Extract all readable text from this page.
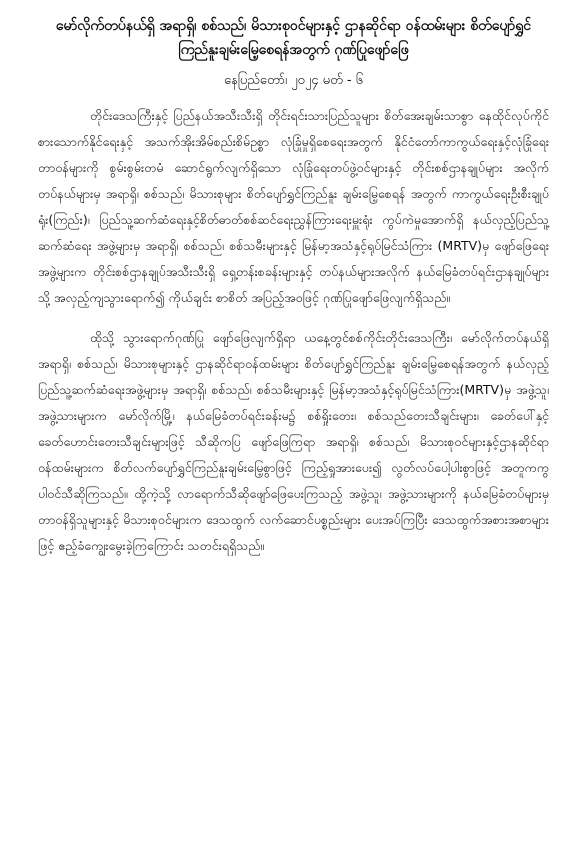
မော်လိုက်တပ်နယ်ရှိ အရာရှိ၊ စစ်သည်၊ မိသားစုဝင်များနှင့် ဌာနဆိုင်ရာ ဝန်ထမ်းများ စိတ်ပျော်ရွှင်ကြည်နူးချမ်းမြေ့စေရန်အတွက် ဂုဏ်ပြုဖျော်ဖြေ
နေပြည်တော်၊ ၂၀၂၄ မတ် - ၆

တိုင်းဒေသကြီးနှင့် ပြည်နယ်အသီးသီးရှိ တိုင်းရင်းသားပြည်သူများ စိတ်အေးချမ်းသာစွာ နေထိုင်လုပ်ကိုင်စားသောက်နိုင်ရေးနှင့် အသက်အိုးအိမ်စည်းစိမ်ဥစ္စာ လုံခြုံမှုရှိစေရေးအတွက် နိုင်ငံတော်ကာကွယ်ရေးနှင့်လုံခြုံရေးတာဝန်များကို စွမ်းစွမ်းတမံ ဆောင်ရွက်လျက်ရှိသော လုံခြုံရေးတပ်ဖွဲ့ဝင်များနှင့် တိုင်းစစ်ဌာနချုပ်များ အလိုက် တပ်နယ်များမှ အရာရှိ၊ စစ်သည်၊ မိသားစုများ စိတ်ပျော်ရွှင်ကြည်နူး ချမ်းမြေ့စေရန် အတွက် ကာကွယ်ရေးဦးစီးချုပ်ရုံး(ကြည်း)၊ ပြည်သူ့ဆက်ဆံရေးနှင့်စိတ်ဓာတ်စစ်ဆင်ရေးညွှန်ကြားရေးမှူးရုံး ကွပ်ကဲမှုအောက်ရှိ နယ်လှည့်ပြည်သူ့ဆက်ဆံရေး အဖွဲ့များမှ အရာရှိ၊ စစ်သည်၊ စစ်သမီးများနှင့် မြန်မာ့အသံနှင့်ရုပ်မြင်သံကြား (MRTV)မှ ဖျော်ဖြေရေးအဖွဲ့များက တိုင်းစစ်ဌာနချုပ်အသီးသီးရှိ ရှေ့တန်းစခန်းများနှင့် တပ်နယ်များအလိုက် နယ်မြေခံတပ်ရင်းဌာနချုပ်များသို့ အလှည့်ကျသွားရောက်၍ ကိုယ်ချင်း စာစိတ် အပြည့်အဝဖြင့် ဂုဏ်ပြုဖျော်ဖြေလျက်ရှိသည်။

ထိုသို့ သွားရောက်ဂုဏ်ပြု ဖျော်ဖြေလျက်ရှိရာ ယနေ့တွင်စစ်ကိုင်းတိုင်းဒေသကြီး၊ မော်လိုက်တပ်နယ်ရှိ အရာရှိ၊ စစ်သည်၊ မိသားစုများနှင့် ဌာနဆိုင်ရာဝန်ထမ်းများ စိတ်ပျော်ရွှင်ကြည်နူး ချမ်းမြေ့စေရန်အတွက် နယ်လှည့်ပြည်သူ့ဆက်ဆံရေးအဖွဲ့များမှ အရာရှိ၊ စစ်သည်၊ စစ်သမီးများနှင့် မြန်မာ့အသံနှင့်ရုပ်မြင်သံကြား(MRTV)မှ အဖွဲ့သူ၊ အဖွဲ့သားများက မော်လိုက်မြို့၊ နယ်မြေခံတပ်ရင်းခန်းမ၌ စစ်ရှိုးတေး၊ စစ်သည်တေးသီချင်းများ၊ ခေတ်ပေါ်နှင့်ခေတ်ဟောင်းတေးသီချင်းများဖြင့် သီဆိုကပြ ဖျော်ဖြေကြရာ အရာရှိ၊ စစ်သည်၊ မိသားစုဝင်များနှင့်ဌာနဆိုင်ရာဝန်ထမ်းများက စိတ်လက်ပျော်ရွှင်ကြည်နူးချမ်းမြေ့စွာဖြင့် ကြည့်ရှုအားပေး၍ လွတ်လပ်ပေါ့ပါးစွာဖြင့် အတူကကွ ပါဝင်သီဆိုကြသည်။ ထို့ကဲ့သို့ လာရောက်သီဆိုဖျော်ဖြေပေးကြသည့် အဖွဲ့သူ၊ အဖွဲ့သားများကို နယ်မြေခံတပ်များမှ တာဝန်ရှိသူများနှင့် မိသားစုဝင်များက ဒေသထွက် လက်ဆောင်ပစ္စည်းများ ပေးအပ်ကြပြီး ဒေသထွက်အစားအစာများဖြင့် ဧည့်ခံကျွေးမွေးခဲ့ကြကြောင်း သတင်းရရှိသည်။
